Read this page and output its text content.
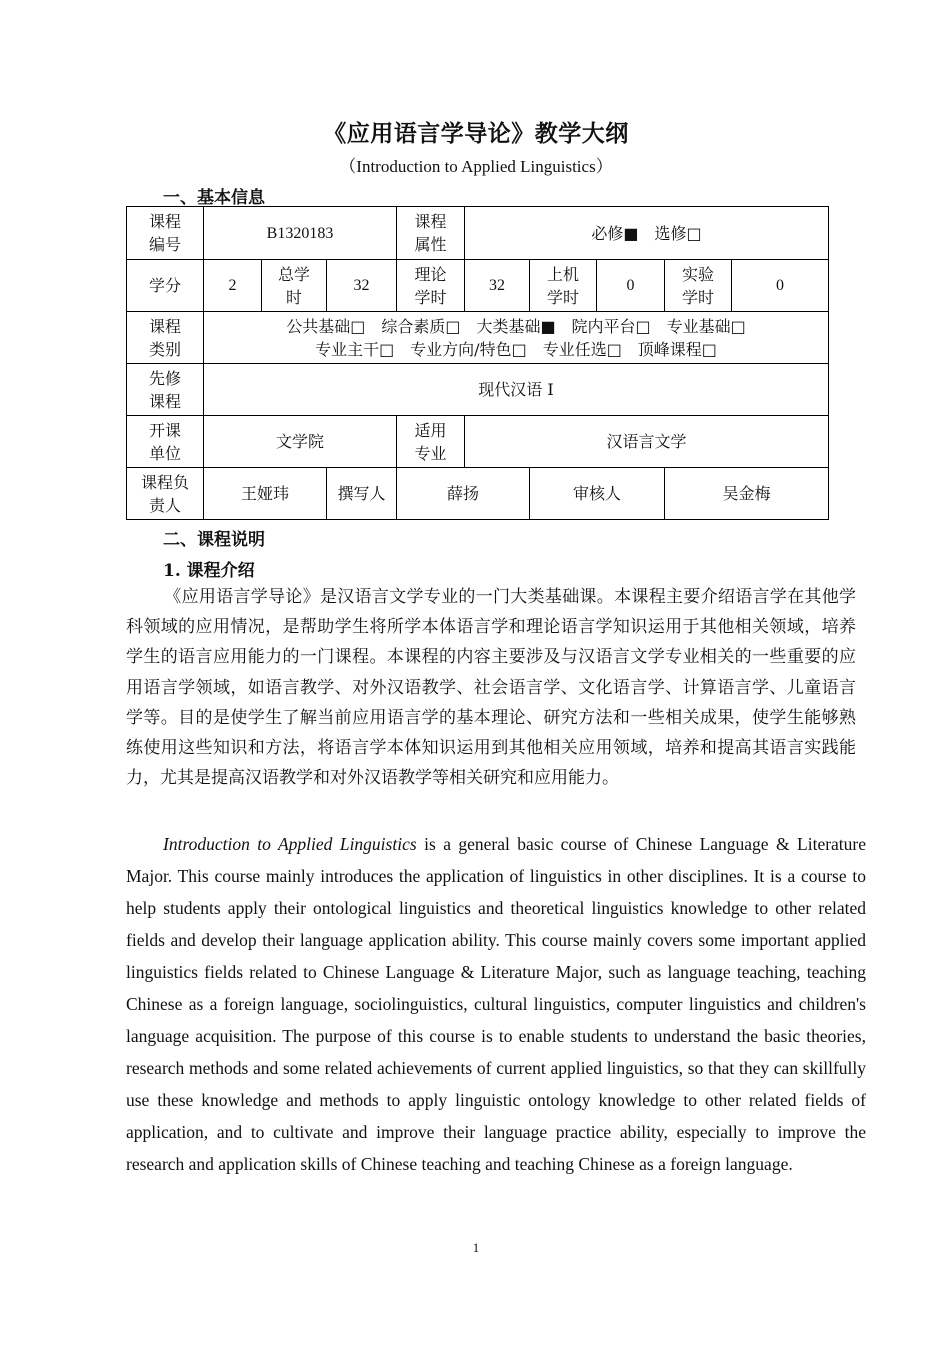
《应用语言学导论》教学大纲
（Introduction to Applied Linguistics）
一、基本信息
课程编号	B1320183			课程属性	必修■　选修□				
学分	2	总学时	32	理论学时	32	上机学时	0	实验学时	0
课程类别	公共基础□　综合素质□　大类基础■　院内平台□　专业基础□
专业主干□　专业方向/特色□　专业任选□　顶峰课程□								

先修课程	现代汉语 I								
开课单位	文学院			适用专业	汉语言文学				
课程负责人	王娅玮		撰写人	薛扬		审核人		吴金梅	
二、课程说明
1. 课程介绍

《应用语言学导论》是汉语言文学专业的一门大类基础课。本课程主要介绍语言学在其他学科领域的应用情况，是帮助学生将所学本体语言学和理论语言学知识运用于其他相关领域，培养学生的语言应用能力的一门课程。本课程的内容主要涉及与汉语言文学专业相关的一些重要的应用语言学领域，如语言教学、对外汉语教学、社会语言学、文化语言学、计算语言学、儿童语言学等。目的是使学生了解当前应用语言学的基本理论、研究方法和一些相关成果，使学生能够熟练使用这些知识和方法，将语言学本体知识运用到其他相关应用领域，培养和提高其语言实践能力，尤其是提高汉语教学和对外汉语教学等相关研究和应用能力。

Introduction to Applied Linguistics is a general basic course of Chinese Language & Literature Major. This course mainly introduces the application of linguistics in other disciplines. It is a course to help students apply their ontological linguistics and theoretical linguistics knowledge to other related fields and develop their language application ability. This course mainly covers some important applied linguistics fields related to Chinese Language & Literature Major, such as language teaching, teaching Chinese as a foreign language, sociolinguistics, cultural linguistics, computer linguistics and children's language acquisition. The purpose of this course is to enable students to understand the basic theories, research methods and some related achievements of current applied linguistics, so that they can skillfully use these knowledge and methods to apply linguistic ontology knowledge to other related fields of application, and to cultivate and improve their language practice ability, especially to improve the research and application skills of Chinese teaching and teaching Chinese as a foreign language.

1
